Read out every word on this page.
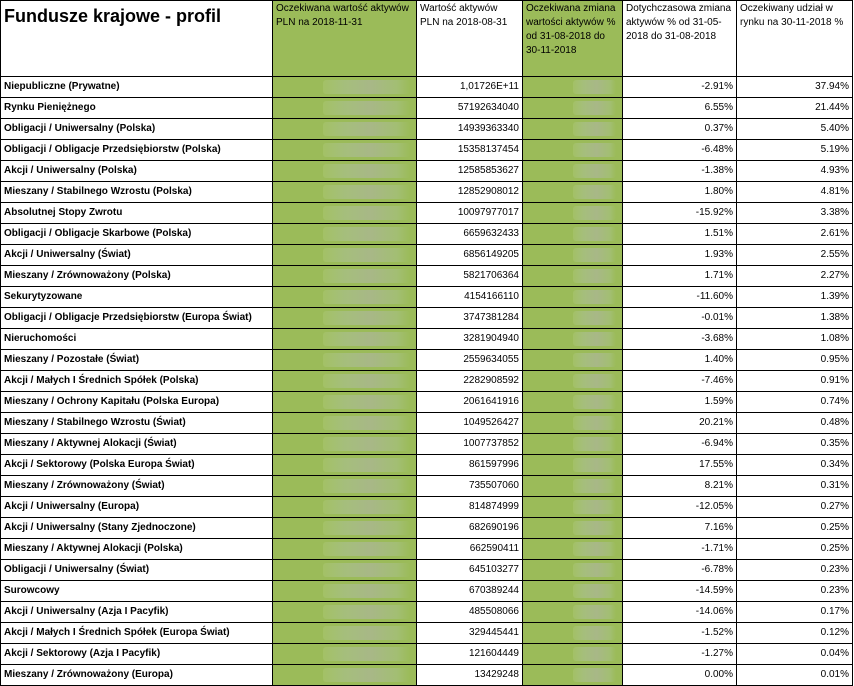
Fundusze krajowe - profil	Oczekiwana wartość aktywów PLN na 2018-11-31	Wartość aktywów PLN na 2018-08-31	Oczekiwana zmiana wartości aktywów % od 31-08-2018 do 30-11-2018	Dotychczasowa zmiana aktywów % od 31-05-2018 do 31-08-2018	Oczekiwany udział w rynku na 30-11-2018 %
Niepubliczne (Prywatne)		1,01726E+11		-2.91%	37.94%
Rynku Pieniężnego		57192634040		6.55%	21.44%
Obligacji / Uniwersalny (Polska)		14939363340		0.37%	5.40%
Obligacji / Obligacje Przedsiębiorstw (Polska)		15358137454		-6.48%	5.19%
Akcji / Uniwersalny (Polska)		12585853627		-1.38%	4.93%
Mieszany / Stabilnego Wzrostu (Polska)		12852908012		1.80%	4.81%
Absolutnej Stopy Zwrotu		10097977017		-15.92%	3.38%
Obligacji / Obligacje Skarbowe (Polska)		6659632433		1.51%	2.61%
Akcji / Uniwersalny (Świat)		6856149205		1.93%	2.55%
Mieszany / Zrównoważony (Polska)		5821706364		1.71%	2.27%
Sekurytyzowane		4154166110		-11.60%	1.39%
Obligacji / Obligacje Przedsiębiorstw (Europa Świat)		3747381284		-0.01%	1.38%
Nieruchomości		3281904940		-3.68%	1.08%
Mieszany / Pozostałe (Świat)		2559634055		1.40%	0.95%
Akcji / Małych I Średnich Spółek (Polska)		2282908592		-7.46%	0.91%
Mieszany / Ochrony Kapitału (Polska Europa)		2061641916		1.59%	0.74%
Mieszany / Stabilnego Wzrostu (Świat)		1049526427		20.21%	0.48%
Mieszany / Aktywnej Alokacji (Świat)		1007737852		-6.94%	0.35%
Akcji / Sektorowy (Polska Europa Świat)		861597996		17.55%	0.34%
Mieszany / Zrównoważony (Świat)		735507060		8.21%	0.31%
Akcji / Uniwersalny (Europa)		814874999		-12.05%	0.27%
Akcji / Uniwersalny (Stany Zjednoczone)		682690196		7.16%	0.25%
Mieszany / Aktywnej Alokacji (Polska)		662590411		-1.71%	0.25%
Obligacji / Uniwersalny (Świat)		645103277		-6.78%	0.23%
Surowcowy		670389244		-14.59%	0.23%
Akcji / Uniwersalny (Azja I Pacyfik)		485508066		-14.06%	0.17%
Akcji / Małych I Średnich Spółek (Europa Świat)		329445441		-1.52%	0.12%
Akcji / Sektorowy (Azja I Pacyfik)		121604449		-1.27%	0.04%
Mieszany / Zrównoważony (Europa)		13429248		0.00%	0.01%
